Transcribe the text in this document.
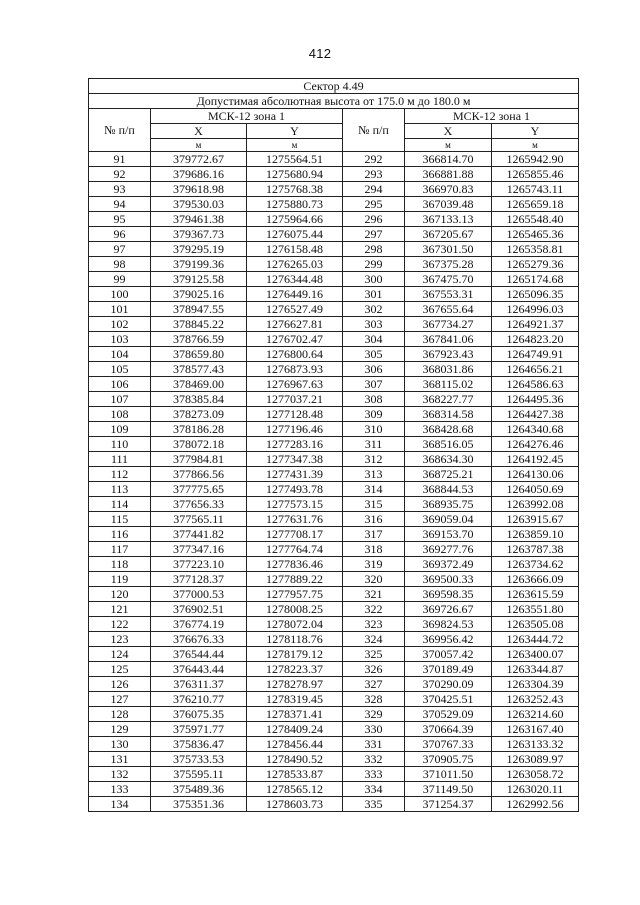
412
Сектор 4.49					
Допустимая абсолютная высота от 175.0 м до 180.0 м					
№ п/п	МСК-12 зона 1		№ п/п	МСК-12 зона 1	
	X	Y		X	Y
	м	м		м	м
91	379772.67	1275564.51	292	366814.70	1265942.90
92	379686.16	1275680.94	293	366881.88	1265855.46
93	379618.98	1275768.38	294	366970.83	1265743.11
94	379530.03	1275880.73	295	367039.48	1265659.18
95	379461.38	1275964.66	296	367133.13	1265548.40
96	379367.73	1276075.44	297	367205.67	1265465.36
97	379295.19	1276158.48	298	367301.50	1265358.81
98	379199.36	1276265.03	299	367375.28	1265279.36
99	379125.58	1276344.48	300	367475.70	1265174.68
100	379025.16	1276449.16	301	367553.31	1265096.35
101	378947.55	1276527.49	302	367655.64	1264996.03
102	378845.22	1276627.81	303	367734.27	1264921.37
103	378766.59	1276702.47	304	367841.06	1264823.20
104	378659.80	1276800.64	305	367923.43	1264749.91
105	378577.43	1276873.93	306	368031.86	1264656.21
106	378469.00	1276967.63	307	368115.02	1264586.63
107	378385.84	1277037.21	308	368227.77	1264495.36
108	378273.09	1277128.48	309	368314.58	1264427.38
109	378186.28	1277196.46	310	368428.68	1264340.68
110	378072.18	1277283.16	311	368516.05	1264276.46
111	377984.81	1277347.38	312	368634.30	1264192.45
112	377866.56	1277431.39	313	368725.21	1264130.06
113	377775.65	1277493.78	314	368844.53	1264050.69
114	377656.33	1277573.15	315	368935.75	1263992.08
115	377565.11	1277631.76	316	369059.04	1263915.67
116	377441.82	1277708.17	317	369153.70	1263859.10
117	377347.16	1277764.74	318	369277.76	1263787.38
118	377223.10	1277836.46	319	369372.49	1263734.62
119	377128.37	1277889.22	320	369500.33	1263666.09
120	377000.53	1277957.75	321	369598.35	1263615.59
121	376902.51	1278008.25	322	369726.67	1263551.80
122	376774.19	1278072.04	323	369824.53	1263505.08
123	376676.33	1278118.76	324	369956.42	1263444.72
124	376544.44	1278179.12	325	370057.42	1263400.07
125	376443.44	1278223.37	326	370189.49	1263344.87
126	376311.37	1278278.97	327	370290.09	1263304.39
127	376210.77	1278319.45	328	370425.51	1263252.43
128	376075.35	1278371.41	329	370529.09	1263214.60
129	375971.77	1278409.24	330	370664.39	1263167.40
130	375836.47	1278456.44	331	370767.33	1263133.32
131	375733.53	1278490.52	332	370905.75	1263089.97
132	375595.11	1278533.87	333	371011.50	1263058.72
133	375489.36	1278565.12	334	371149.50	1263020.11
134	375351.36	1278603.73	335	371254.37	1262992.56
